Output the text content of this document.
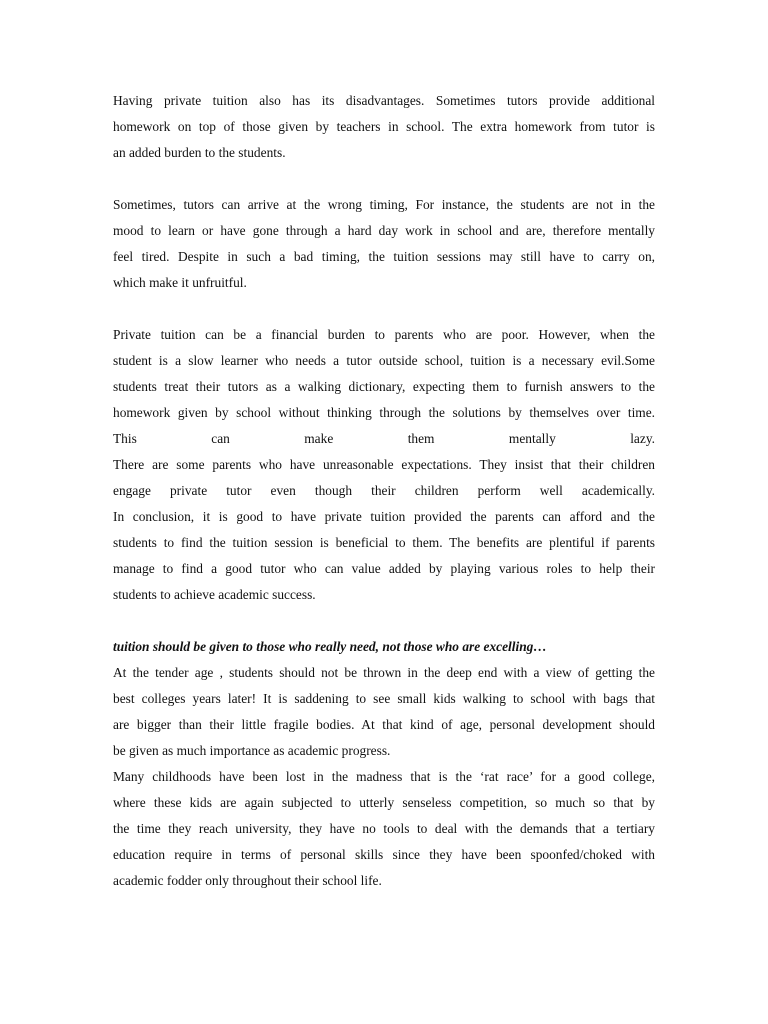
Having private tuition also has its disadvantages. Sometimes tutors provide additional

homework on top of those given by teachers in school. The extra homework from tutor is

an added burden to the students.

Sometimes, tutors can arrive at the wrong timing, For instance, the students are not in the

mood to learn or have gone through a hard day work in school and are, therefore mentally

feel tired. Despite in such a bad timing, the tuition sessions may still have to carry on,

which make it unfruitful.

Private tuition can be a financial burden to parents who are poor. However, when the

student is a slow learner who needs a tutor outside school, tuition is a necessary evil.Some

students treat their tutors as a walking dictionary, expecting them to furnish answers to the

homework given by school without thinking through the solutions by themselves over time.

This can make them mentally lazy.

There are some parents who have unreasonable expectations. They insist that their children

engage private tutor even though their children perform well academically.

In conclusion, it is good to have private tuition provided the parents can afford and the

students to find the tuition session is beneficial to them. The benefits are plentiful if parents

manage to find a good tutor who can value added by playing various roles to help their

students to achieve academic success.

tuition should be given to those who really need, not those who are excelling…

At the tender age , students should not be thrown in the deep end with a view of getting the

best colleges years later! It is saddening to see small kids walking to school with bags that

are bigger than their little fragile bodies. At that kind of age, personal development should

be given as much importance as academic progress.

Many childhoods have been lost in the madness that is the ‘rat race’ for a good college,

where these kids are again subjected to utterly senseless competition, so much so that by

the time they reach university, they have no tools to deal with the demands that a tertiary

education require in terms of personal skills since they have been spoonfed/choked with

academic fodder only throughout their school life.
